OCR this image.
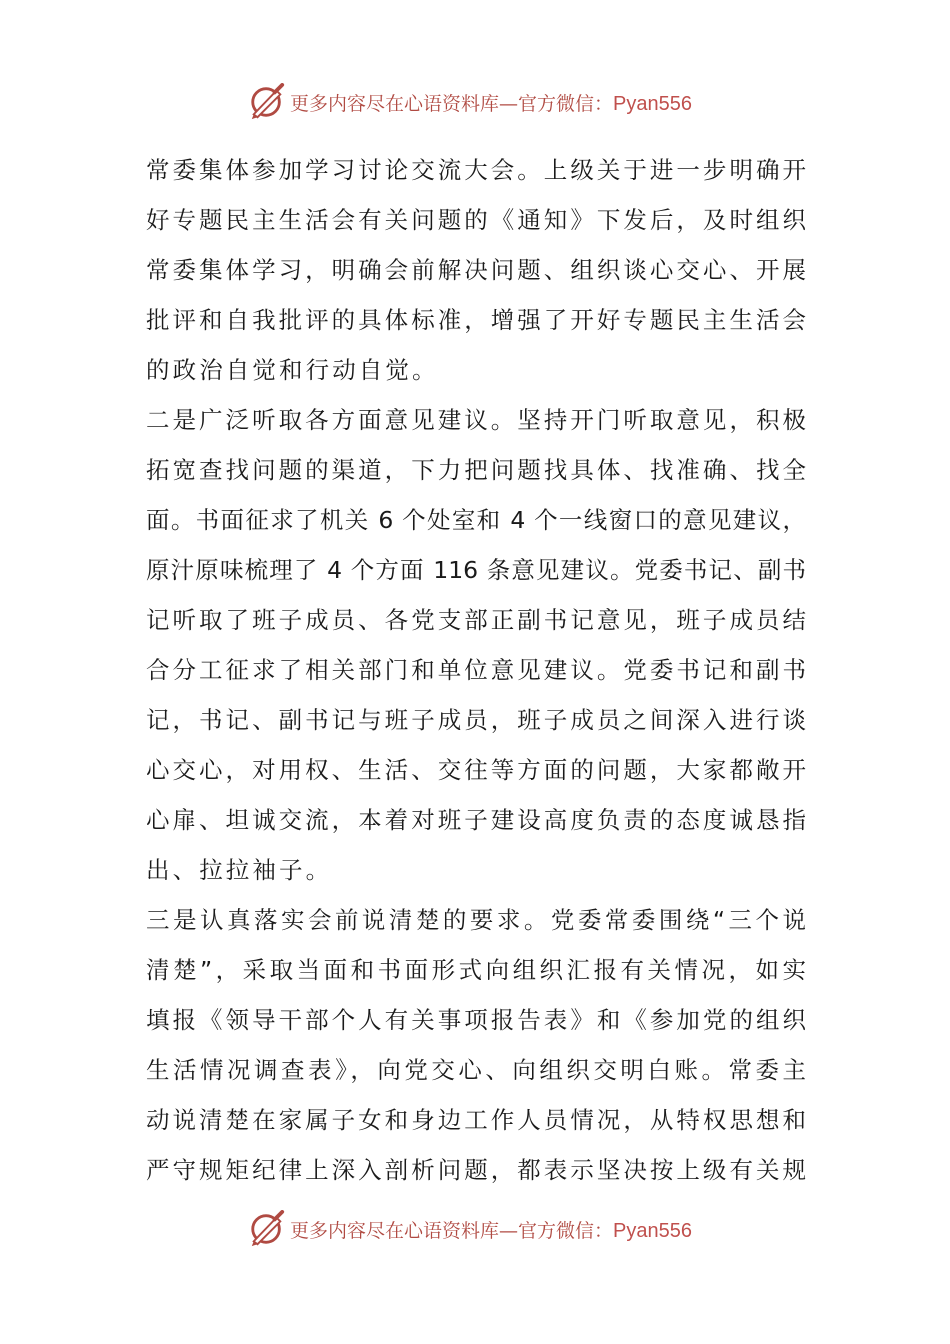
更多内容尽在心语资料库—官方微信：Pyan556
常委集体参加学习讨论交流大会。上级关于进一步明确开
好专题民主生活会有关问题的《通知》下发后，及时组织
常委集体学习，明确会前解决问题、组织谈心交心、开展
批评和自我批评的具体标准，增强了开好专题民主生活会
的政治自觉和行动自觉。
二是广泛听取各方面意见建议。坚持开门听取意见，积极
拓宽查找问题的渠道，下力把问题找具体、找准确、找全
面。书面征求了机关 6 个处室和 4 个一线窗口的意见建议，
原汁原味梳理了 4 个方面 116 条意见建议。党委书记、副书
记听取了班子成员、各党支部正副书记意见，班子成员结
合分工征求了相关部门和单位意见建议。党委书记和副书
记，书记、副书记与班子成员，班子成员之间深入进行谈
心交心，对用权、生活、交往等方面的问题，大家都敞开
心扉、坦诚交流，本着对班子建设高度负责的态度诚恳指
出、拉拉袖子。
三是认真落实会前说清楚的要求。党委常委围绕“三个说
清楚”，采取当面和书面形式向组织汇报有关情况，如实
填报《领导干部个人有关事项报告表》和《参加党的组织
生活情况调查表》，向党交心、向组织交明白账。常委主
动说清楚在家属子女和身边工作人员情况，从特权思想和
严守规矩纪律上深入剖析问题，都表示坚决按上级有关规
更多内容尽在心语资料库—官方微信：Pyan556
